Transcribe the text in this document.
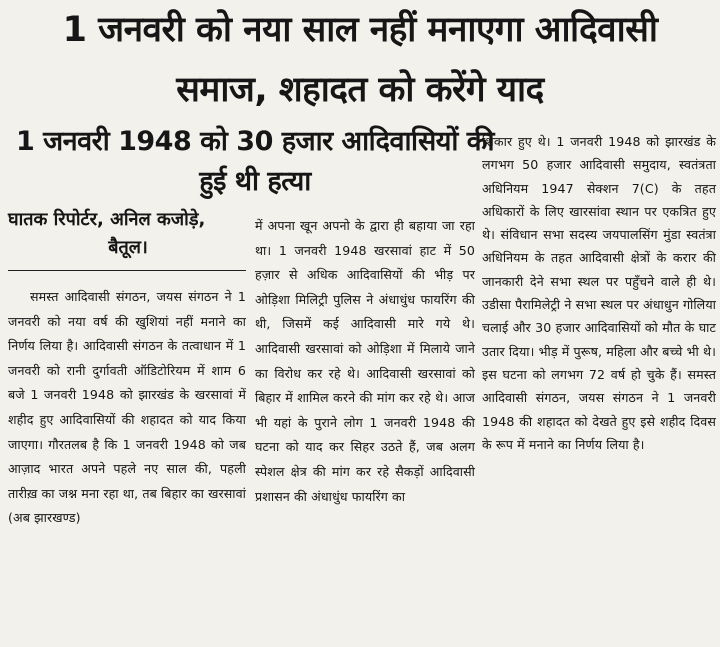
1 जनवरी को नया साल नहीं मनाएगा आदिवासी
समाज, शहादत को करेंगे याद
1 जनवरी 1948 को 30 हजार आदिवासियों की हुई थी हत्या
घातक रिपोर्टर, अनिल कजोड़े,
बैतूल।

समस्त आदिवासी संगठन, जयस संगठन ने 1 जनवरी को नया वर्ष की खुशियां नहीं मनाने का निर्णय लिया है। आदिवासी संगठन के तत्वाधान में 1 जनवरी को रानी दुर्गावती ऑडिटोरियम में शाम 6 बजे 1 जनवरी 1948 को झारखंड के खरसावां में शहीद हुए आदिवासियों की शहादत को याद किया जाएगा। गौरतलब है कि 1 जनवरी 1948 को जब आज़ाद भारत अपने पहले नए साल की, पहली तारीख़ का जश्न मना रहा था, तब बिहार का खरसावां (अब झारखण्ड)

में अपना खून अपनो के द्वारा ही बहाया जा रहा था। 1 जनवरी 1948 खरसावां हाट में 50 हज़ार से अधिक आदिवासियों की भीड़ पर ओड़िशा मिलिट्री पुलिस ने अंधाधुंध फायरिंग की थी, जिसमें कई आदिवासी मारे गये थे। आदिवासी खरसावां को ओड़िशा में मिलाये जाने का विरोध कर रहे थे। आदिवासी खरसावां को बिहार में शामिल करने की मांग कर रहे थे। आज भी यहां के पुराने लोग 1 जनवरी 1948 की घटना को याद कर सिहर उठते हैं, जब अलग स्पेशल क्षेत्र की मांग कर रहे सैकड़ों आदिवासी प्रशासन की अंधाधुंध फायरिंग का

शिकार हुए थे। 1 जनवरी 1948 को झारखंड के लगभग 50 हजार आदिवासी समुदाय, स्वतंत्रता अधिनियम 1947 सेक्शन 7(C) के तहत अधिकारों के लिए खारसांवा स्थान पर एकत्रित हुए थे। संविधान सभा सदस्य जयपालसिंग मुंडा स्वतंत्रा अधिनियम के तहत आदिवासी क्षेत्रों के करार की जानकारी देने सभा स्थल पर पहुँचने वाले ही थे। उडीसा पैरामिलेट्री ने सभा स्थल पर अंधाधुन गोलिया चलाई और 30 हजार आदिवासियों को मौत के घाट उतार दिया। भीड़ में पुरूष, महिला और बच्चे भी थे। इस घटना को लगभग 72 वर्ष हो चुके हैं। समस्त आदिवासी संगठन, जयस संगठन ने 1 जनवरी 1948 की शहादत को देखते हुए इसे शहीद दिवस के रूप में मनाने का निर्णय लिया है।
